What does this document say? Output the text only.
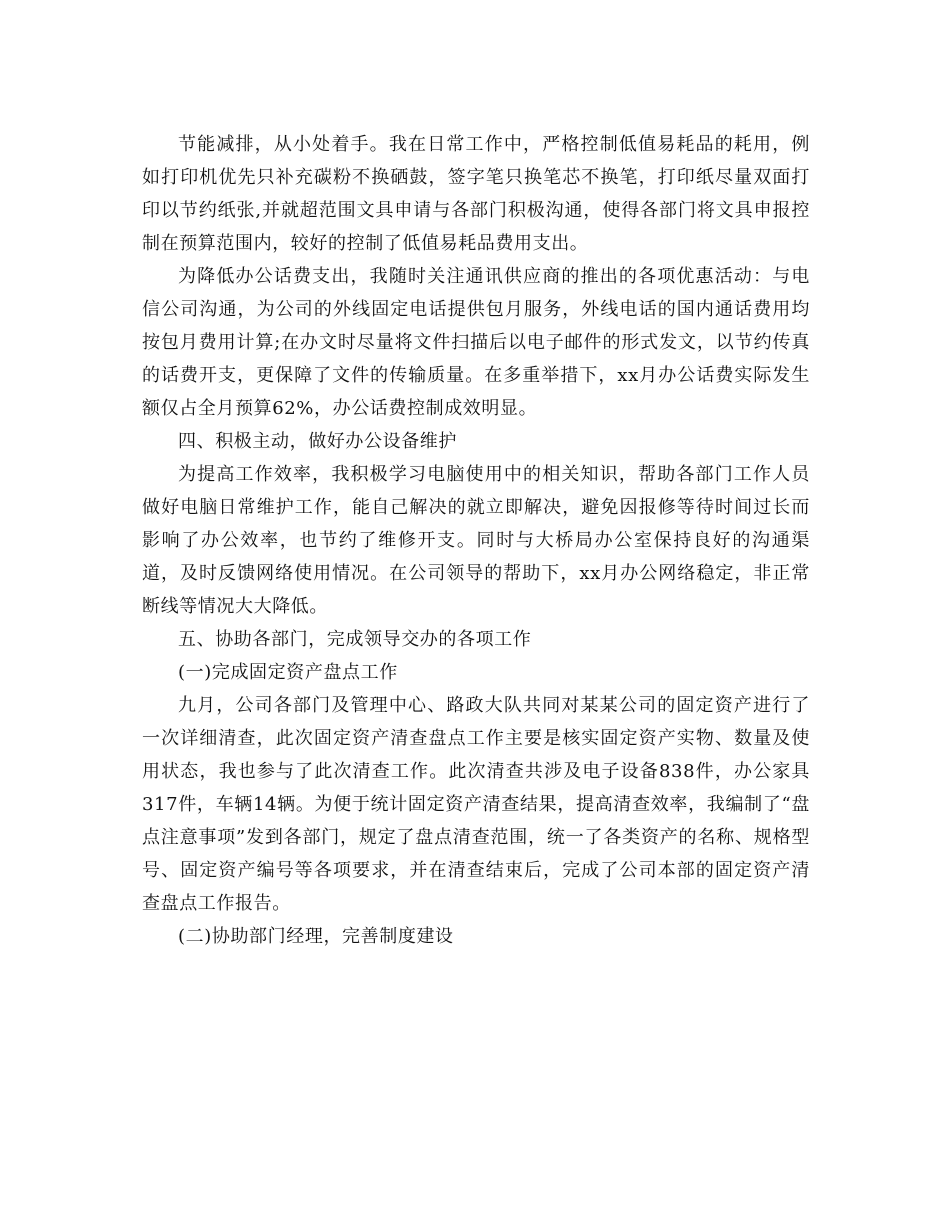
节能减排，从小处着手。我在日常工作中，严格控制低值易耗品的耗用，例如打印机优先只补充碳粉不换硒鼓，签字笔只换笔芯不换笔，打印纸尽量双面打印以节约纸张,并就超范围文具申请与各部门积极沟通，使得各部门将文具申报控制在预算范围内，较好的控制了低值易耗品费用支出。

为降低办公话费支出，我随时关注通讯供应商的推出的各项优惠活动：与电信公司沟通，为公司的外线固定电话提供包月服务，外线电话的国内通话费用均按包月费用计算;在办文时尽量将文件扫描后以电子邮件的形式发文，以节约传真的话费开支，更保障了文件的传输质量。在多重举措下，xx月办公话费实际发生额仅占全月预算62%，办公话费控制成效明显。

四、积极主动，做好办公设备维护

为提高工作效率，我积极学习电脑使用中的相关知识，帮助各部门工作人员做好电脑日常维护工作，能自己解决的就立即解决，避免因报修等待时间过长而影响了办公效率，也节约了维修开支。同时与大桥局办公室保持良好的沟通渠道，及时反馈网络使用情况。在公司领导的帮助下，xx月办公网络稳定，非正常断线等情况大大降低。

五、协助各部门，完成领导交办的各项工作

(一)完成固定资产盘点工作

九月，公司各部门及管理中心、路政大队共同对某某公司的固定资产进行了一次详细清查，此次固定资产清查盘点工作主要是核实固定资产实物、数量及使用状态，我也参与了此次清查工作。此次清查共涉及电子设备838件，办公家具317件，车辆14辆。为便于统计固定资产清查结果，提高清查效率，我编制了“盘点注意事项”发到各部门，规定了盘点清查范围，统一了各类资产的名称、规格型号、固定资产编号等各项要求，并在清查结束后，完成了公司本部的固定资产清查盘点工作报告。

(二)协助部门经理，完善制度建设
